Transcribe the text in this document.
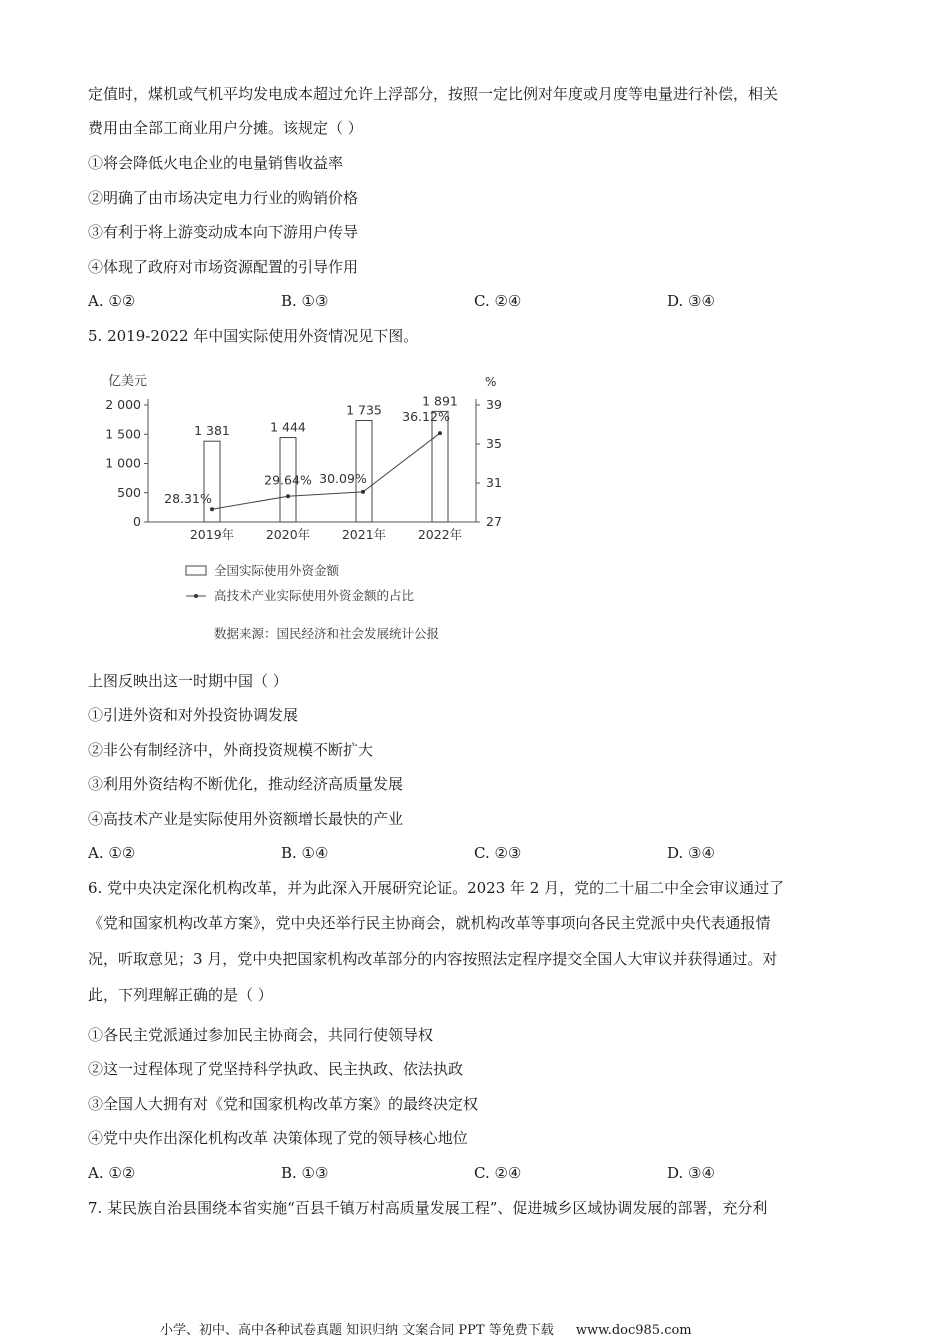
定值时，煤机或气机平均发电成本超过允许上浮部分，按照一定比例对年度或月度等电量进行补偿，相关
费用由全部工商业用户分摊。该规定（ ）
①将会降低火电企业的电量销售收益率
②明确了由市场决定电力行业的购销价格
③有利于将上游变动成本向下游用户传导
④体现了政府对市场资源配置的引导作用
A. ①②	B. ①③	C. ②④	D. ③④
5. 2019-2022 年中国实际使用外资情况见下图。
亿美元	%
0
500
1 000
1 500
2 000
27
31
35
39
1 381	1 444
1 735
1 891
28.31%
29.64% 30.09%
36.12%
2019年	2020年	2021年	2022年
全国实际使用外资金额
高技术产业实际使用外资金额的占比
数据来源：国民经济和社会发展统计公报
上图反映出这一时期中国（ ）
①引进外资和对外投资协调发展
②非公有制经济中，外商投资规模不断扩大
③利用外资结构不断优化，推动经济高质量发展
④高技术产业是实际使用外资额增长最快的产业
A. ①②	B. ①④	C. ②③	D. ③④
6. 党中央决定深化机构改革，并为此深入开展研究论证。2023 年 2 月，党的二十届二中全会审议通过了
《党和国家机构改革方案》，党中央还举行民主协商会，就机构改革等事项向各民主党派中央代表通报情
况，听取意见；3 月，党中央把国家机构改革部分的内容按照法定程序提交全国人大审议并获得通过。对
此，下列理解正确的是（ ）
①各民主党派通过参加民主协商会，共同行使领导权
②这一过程体现了党坚持科学执政、民主执政、依法执政
③全国人大拥有对《党和国家机构改革方案》的最终决定权
④党中央作出深化机构改革 决策体现了党的领导核心地位
A. ①②	B. ①③	C. ②④	D. ③④
7. 某民族自治县围绕本省实施“百县千镇万村高质量发展工程”、促进城乡区域协调发展的部署，充分利
小学、初中、高中各种试卷真题 知识归纳 文案合同 PPT 等免费下载 www.doc985.com
